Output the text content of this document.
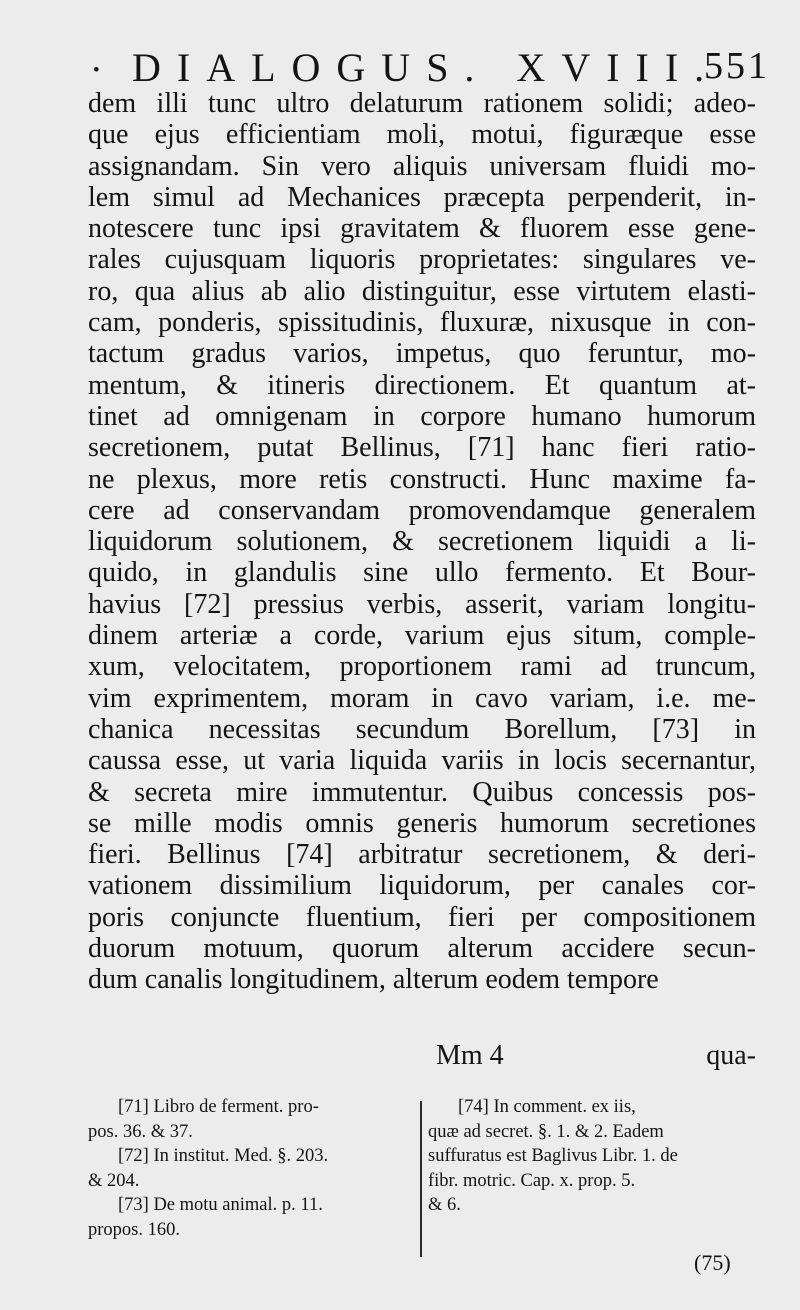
· DIALOGUS. XVIII.
551
dem illi tunc ultro delaturum rationem solidi; adeo-
que ejus efficientiam moli, motui, figuræque esse
assignandam. Sin vero aliquis universam fluidi mo-
lem simul ad Mechanices præcepta perpenderit, in-
notescere tunc ipsi gravitatem & fluorem esse gene-
rales cujusquam liquoris proprietates: singulares ve-
ro, qua alius ab alio distinguitur, esse virtutem elasti-
cam, ponderis, spissitudinis, fluxuræ, nixusque in con-
tactum gradus varios, impetus, quo feruntur, mo-
mentum, & itineris directionem. Et quantum at-
tinet ad omnigenam in corpore humano humorum
secretionem, putat Bellinus, [71] hanc fieri ratio-
ne plexus, more retis constructi. Hunc maxime fa-
cere ad conservandam promovendamque generalem
liquidorum solutionem, & secretionem liquidi a li-
quido, in glandulis sine ullo fermento. Et Bour-
havius [72] pressius verbis, asserit, variam longitu-
dinem arteriæ a corde, varium ejus situm, comple-
xum, velocitatem, proportionem rami ad truncum,
vim exprimentem, moram in cavo variam, i.e. me-
chanica necessitas secundum Borellum, [73] in
caussa esse, ut varia liquida variis in locis secernantur,
& secreta mire immutentur. Quibus concessis pos-
se mille modis omnis generis humorum secretiones
fieri. Bellinus [74] arbitratur secretionem, & deri-
vationem dissimilium liquidorum, per canales cor-
poris conjuncte fluentium, fieri per compositionem
duorum motuum, quorum alterum accidere secun-
dum canalis longitudinem, alterum eodem tempore
Mm 4	qua-
[71] Libro de ferment. pro-
pos. 36. & 37.
[72] In institut. Med. §. 203.
& 204.
[73] De motu animal. p. 11.
propos. 160.
[74] In comment. ex iis,
quæ ad secret. §. 1. & 2. Eadem
suffuratus est Baglivus Libr. 1. de
fibr. motric. Cap. x. prop. 5.
& 6.
(75)
